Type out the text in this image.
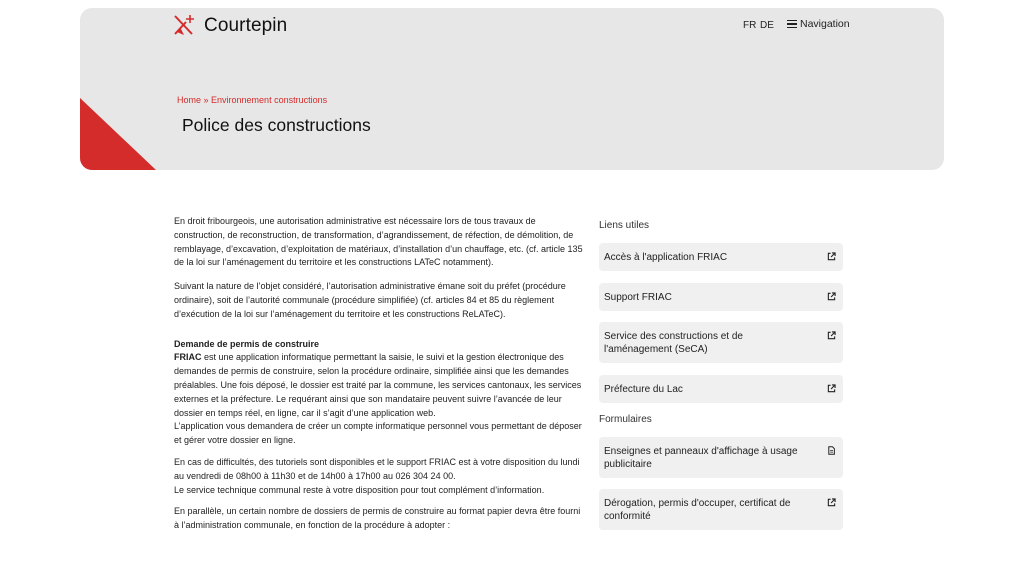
Courtepin	FR DE Navigation
Home » Environnement constructions
Police des constructions

En droit fribourgeois, une autorisation administrative est nécessaire lors de tous travaux de construction, de reconstruction, de transformation, d’agrandissement, de réfection, de démolition, de remblayage, d’excavation, d’exploitation de matériaux, d’installation d’un chauffage, etc. (cf. article 135 de la loi sur l’aménagement du territoire et les constructions LATeC notamment).

Suivant la nature de l’objet considéré, l’autorisation administrative émane soit du préfet (procédure ordinaire), soit de l’autorité communale (procédure simplifiée) (cf. articles 84 et 85 du règlement d’exécution de la loi sur l’aménagement du territoire et les constructions ReLATeC).

Demande de permis de construire
FRIAC est une application informatique permettant la saisie, le suivi et la gestion électronique des demandes de permis de construire, selon la procédure ordinaire, simplifiée ainsi que les demandes préalables. Une fois déposé, le dossier est traité par la commune, les services cantonaux, les services externes et la préfecture. Le requérant ainsi que son mandataire peuvent suivre l’avancée de leur dossier en temps réel, en ligne, car il s’agit d’une application web.
L’application vous demandera de créer un compte informatique personnel vous permettant de déposer et gérer votre dossier en ligne.

En cas de difficultés, des tutoriels sont disponibles et le support FRIAC est à votre disposition du lundi au vendredi de 08h00 à 11h30 et de 14h00 à 17h00 au 026 304 24 00.

Le service technique communal reste à votre disposition pour tout complément d’information.

En parallèle, un certain nombre de dossiers de permis de construire au format papier devra être fourni à l’administration communale, en fonction de la procédure à adopter :

Liens utiles
Accès à l'application FRIAC
Support FRIAC
Service des constructions et de l'aménagement (SeCA)
Préfecture du Lac
Formulaires
Enseignes et panneaux d'affichage à usage publicitaire
Dérogation, permis d'occuper, certificat de conformité
